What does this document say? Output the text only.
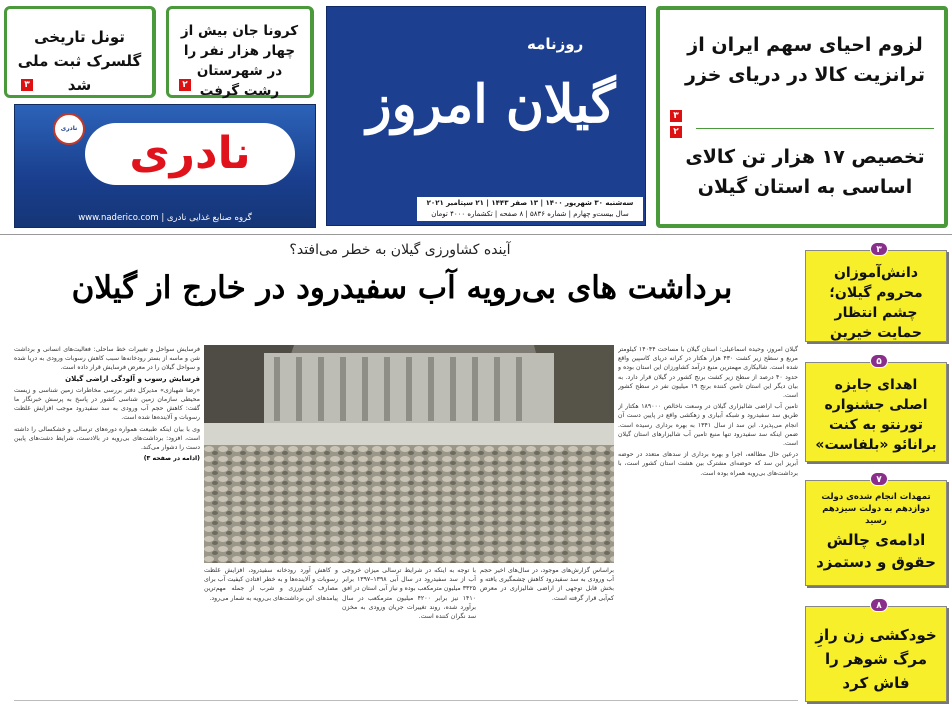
تونل تاریخی گلسرک ثبت ملی شد
۳
کرونا جان بیش از چهار هزار نفر را در شهرستان رشت گرفت
۲
نادری	نادری
گروه صنایع غذایی نادری | www.naderico.com
روزنامه
گیلان امروز
سه‌شنبه ۳۰ شهریور ۱۴۰۰ | ۱۳ صفر ۱۴۴۳ | ۲۱ سپتامبر ۲۰۲۱
سال بیست‌و چهارم | شماره ۵۸۳۶ | ۸ صفحه | تکشماره ۴۰۰۰ تومان
لزوم احیای سهم ایران از ترانزیت کالا در دریای خزر
۳
۲
تخصیص ۱۷ هزار تن کالای اساسی به استان گیلان
آینده کشاورزی گیلان به خطر می‌افتد؟
برداشت های بی‌رویه آب سفیدرود در خارج از گیلان

گیلان امروز، وحیده اسماعیلی: استان گیلان با مساحت ۱۴۰۴۴ کیلومتر مربع و سطح زیر کشت ۴۳۰ هزار هکتار در کرانه دریای کاسپین واقع شده است. شالیکاری مهمترین منبع درآمد کشاورزان این استان بوده و حدود ۴۰ درصد از سطح زیر کشت برنج کشور در گیلان قرار دارد. به بیان دیگر این استان تامین کننده برنج ۱۹ میلیون نفر در سطح کشور است.

تامین آب اراضی شالیزاری گیلان در وسعت ناخالص ۱۸۹۰۰۰ هکتار از طریق سد سفیدرود و شبکه آبیاری و زهکشی واقع در پایین دست آن انجام می‌پذیرد. این سد از سال ۱۳۴۱ به بهره برداری رسیده است. ضمن اینکه سد سفیدرود تنها منبع تامین آب شالیزارهای استان گیلان است.

درعین حال مطالعه، اجرا و بهره برداری از سدهای متعدد در حوضه آبریز این سد که حوضه‌ای مشترک بین هشت استان کشور است، با برداشت‌های بی‌رویه همراه بوده است.

فرسایش سواحل و تغییرات خط ساحلی: فعالیت‌های انسانی و برداشت شن و ماسه از بستر رودخانه‌ها سبب کاهش رسوبات ورودی به دریا شده و سواحل گیلان را در معرض فرسایش قرار داده است.

فرسایش رسوب و آلودگی اراضی گیلان

«رضا شهبازی» مدیرکل دفتر بررسی مخاطرات زمین شناسی و زیست محیطی سازمان زمین شناسی کشور در پاسخ به پرسش خبرنگار ما گفت: کاهش حجم آب ورودی به سد سفیدرود موجب افزایش غلظت رسوبات و آلاینده‌ها شده است.

وی با بیان اینکه طبیعت همواره دوره‌های ترسالی و خشکسالی را داشته است، افزود: برداشت‌های بی‌رویه در بالادست، شرایط دشت‌های پایین دست را دشوار می‌کند.

(ادامه در صفحه ۳)

براساس گزارش‌های موجود، در سال‌های اخیر حجم آب ورودی به سد سفیدرود کاهش چشمگیری یافته و بخش قابل توجهی از اراضی شالیزاری در معرض کم‌آبی قرار گرفته است.

با توجه به اینکه در شرایط ترسالی میزان خروجی آب از سد سفیدرود در سال آبی ۱۳۹۸–۱۳۹۷ برابر ۳۳۲۵ میلیون مترمکعب بوده و نیاز آبی استان در افق ۱۴۱۰ نیز برابر ۴۲۰۰ میلیون مترمکعب در سال برآورد شده، روند تغییرات جریان ورودی به مخزن سد نگران کننده است.

و کاهش آورد رودخانه سفیدرود، افزایش غلظت رسوبات و آلاینده‌ها و به خطر افتادن کیفیت آب برای مصارف کشاورزی و شرب از جمله مهم‌ترین پیامدهای این برداشت‌های بی‌رویه به شمار می‌رود.

۳
دانش‌آموزان محروم گیلان؛ چشم انتظار حمایت خیرین
۵
اهدای جایزه اصلی جشنواره تورنتو به کنت برانائو «بلفاست»
۷
تمهدات انجام شده‌ی دولت دوازدهم به دولت سیزدهم رسید
ادامه‌ی چالش حقوق و دستمزد
۸
خودکشی زن رازِ مرگ شوهر را فاش کرد
